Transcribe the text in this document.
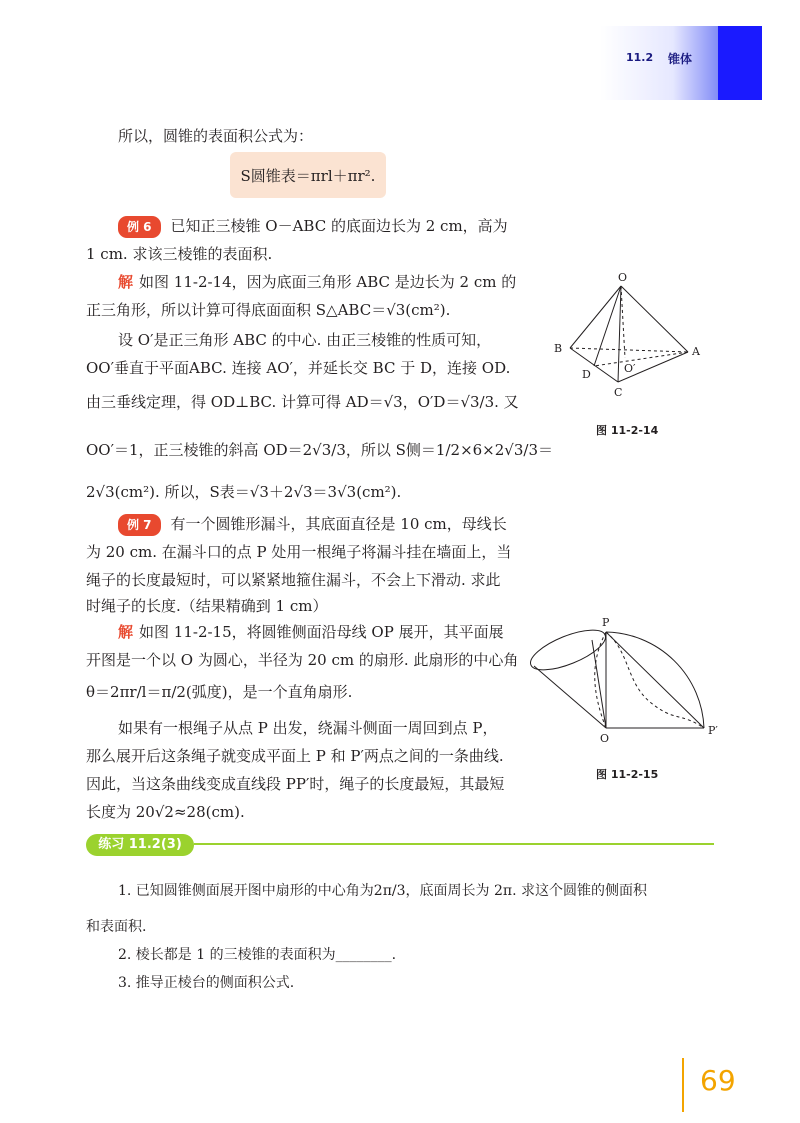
11.2 锥体
所以，圆锥的表面积公式为：
S圆锥表＝πrl＋πr².
例 6 已知正三棱锥 O－ABC 的底面边长为 2 cm，高为
1 cm. 求该三棱锥的表面积.
解 如图 11-2-14，因为底面三角形 ABC 是边长为 2 cm 的
正三角形，所以计算可得底面面积 S△ABC＝√3(cm²).
设 O′是正三角形 ABC 的中心. 由正三棱锥的性质可知，
OO′垂直于平面ABC. 连接 AO′，并延长交 BC 于 D，连接 OD.
由三垂线定理，得 OD⊥BC. 计算可得 AD＝√3，O′D＝√3/3. 又
OO′＝1，正三棱锥的斜高 OD＝2√3/3，所以 S侧＝1/2×6×2√3/3＝
2√3(cm²). 所以，S表＝√3＋2√3＝3√3(cm²).
O
A
B
C
D	O′
图 11-2-14
例 7 有一个圆锥形漏斗，其底面直径是 10 cm，母线长
为 20 cm. 在漏斗口的点 P 处用一根绳子将漏斗挂在墙面上，当
绳子的长度最短时，可以紧紧地箍住漏斗，不会上下滑动. 求此
时绳子的长度.（结果精确到 1 cm）
解 如图 11-2-15，将圆锥侧面沿母线 OP 展开，其平面展
开图是一个以 O 为圆心，半径为 20 cm 的扇形. 此扇形的中心角
θ＝2πr/l＝π/2(弧度)，是一个直角扇形.
如果有一根绳子从点 P 出发，绕漏斗侧面一周回到点 P，
那么展开后这条绳子就变成平面上 P 和 P′两点之间的一条曲线.
因此，当这条曲线变成直线段 PP′时，绳子的长度最短，其最短
长度为 20√2≈28(cm).
P
O
P′
图 11-2-15
练习 11.2(3)
1. 已知圆锥侧面展开图中扇形的中心角为2π/3，底面周长为 2π. 求这个圆锥的侧面积
和表面积.
2. 棱长都是 1 的三棱锥的表面积为________.
3. 推导正棱台的侧面积公式.
69
